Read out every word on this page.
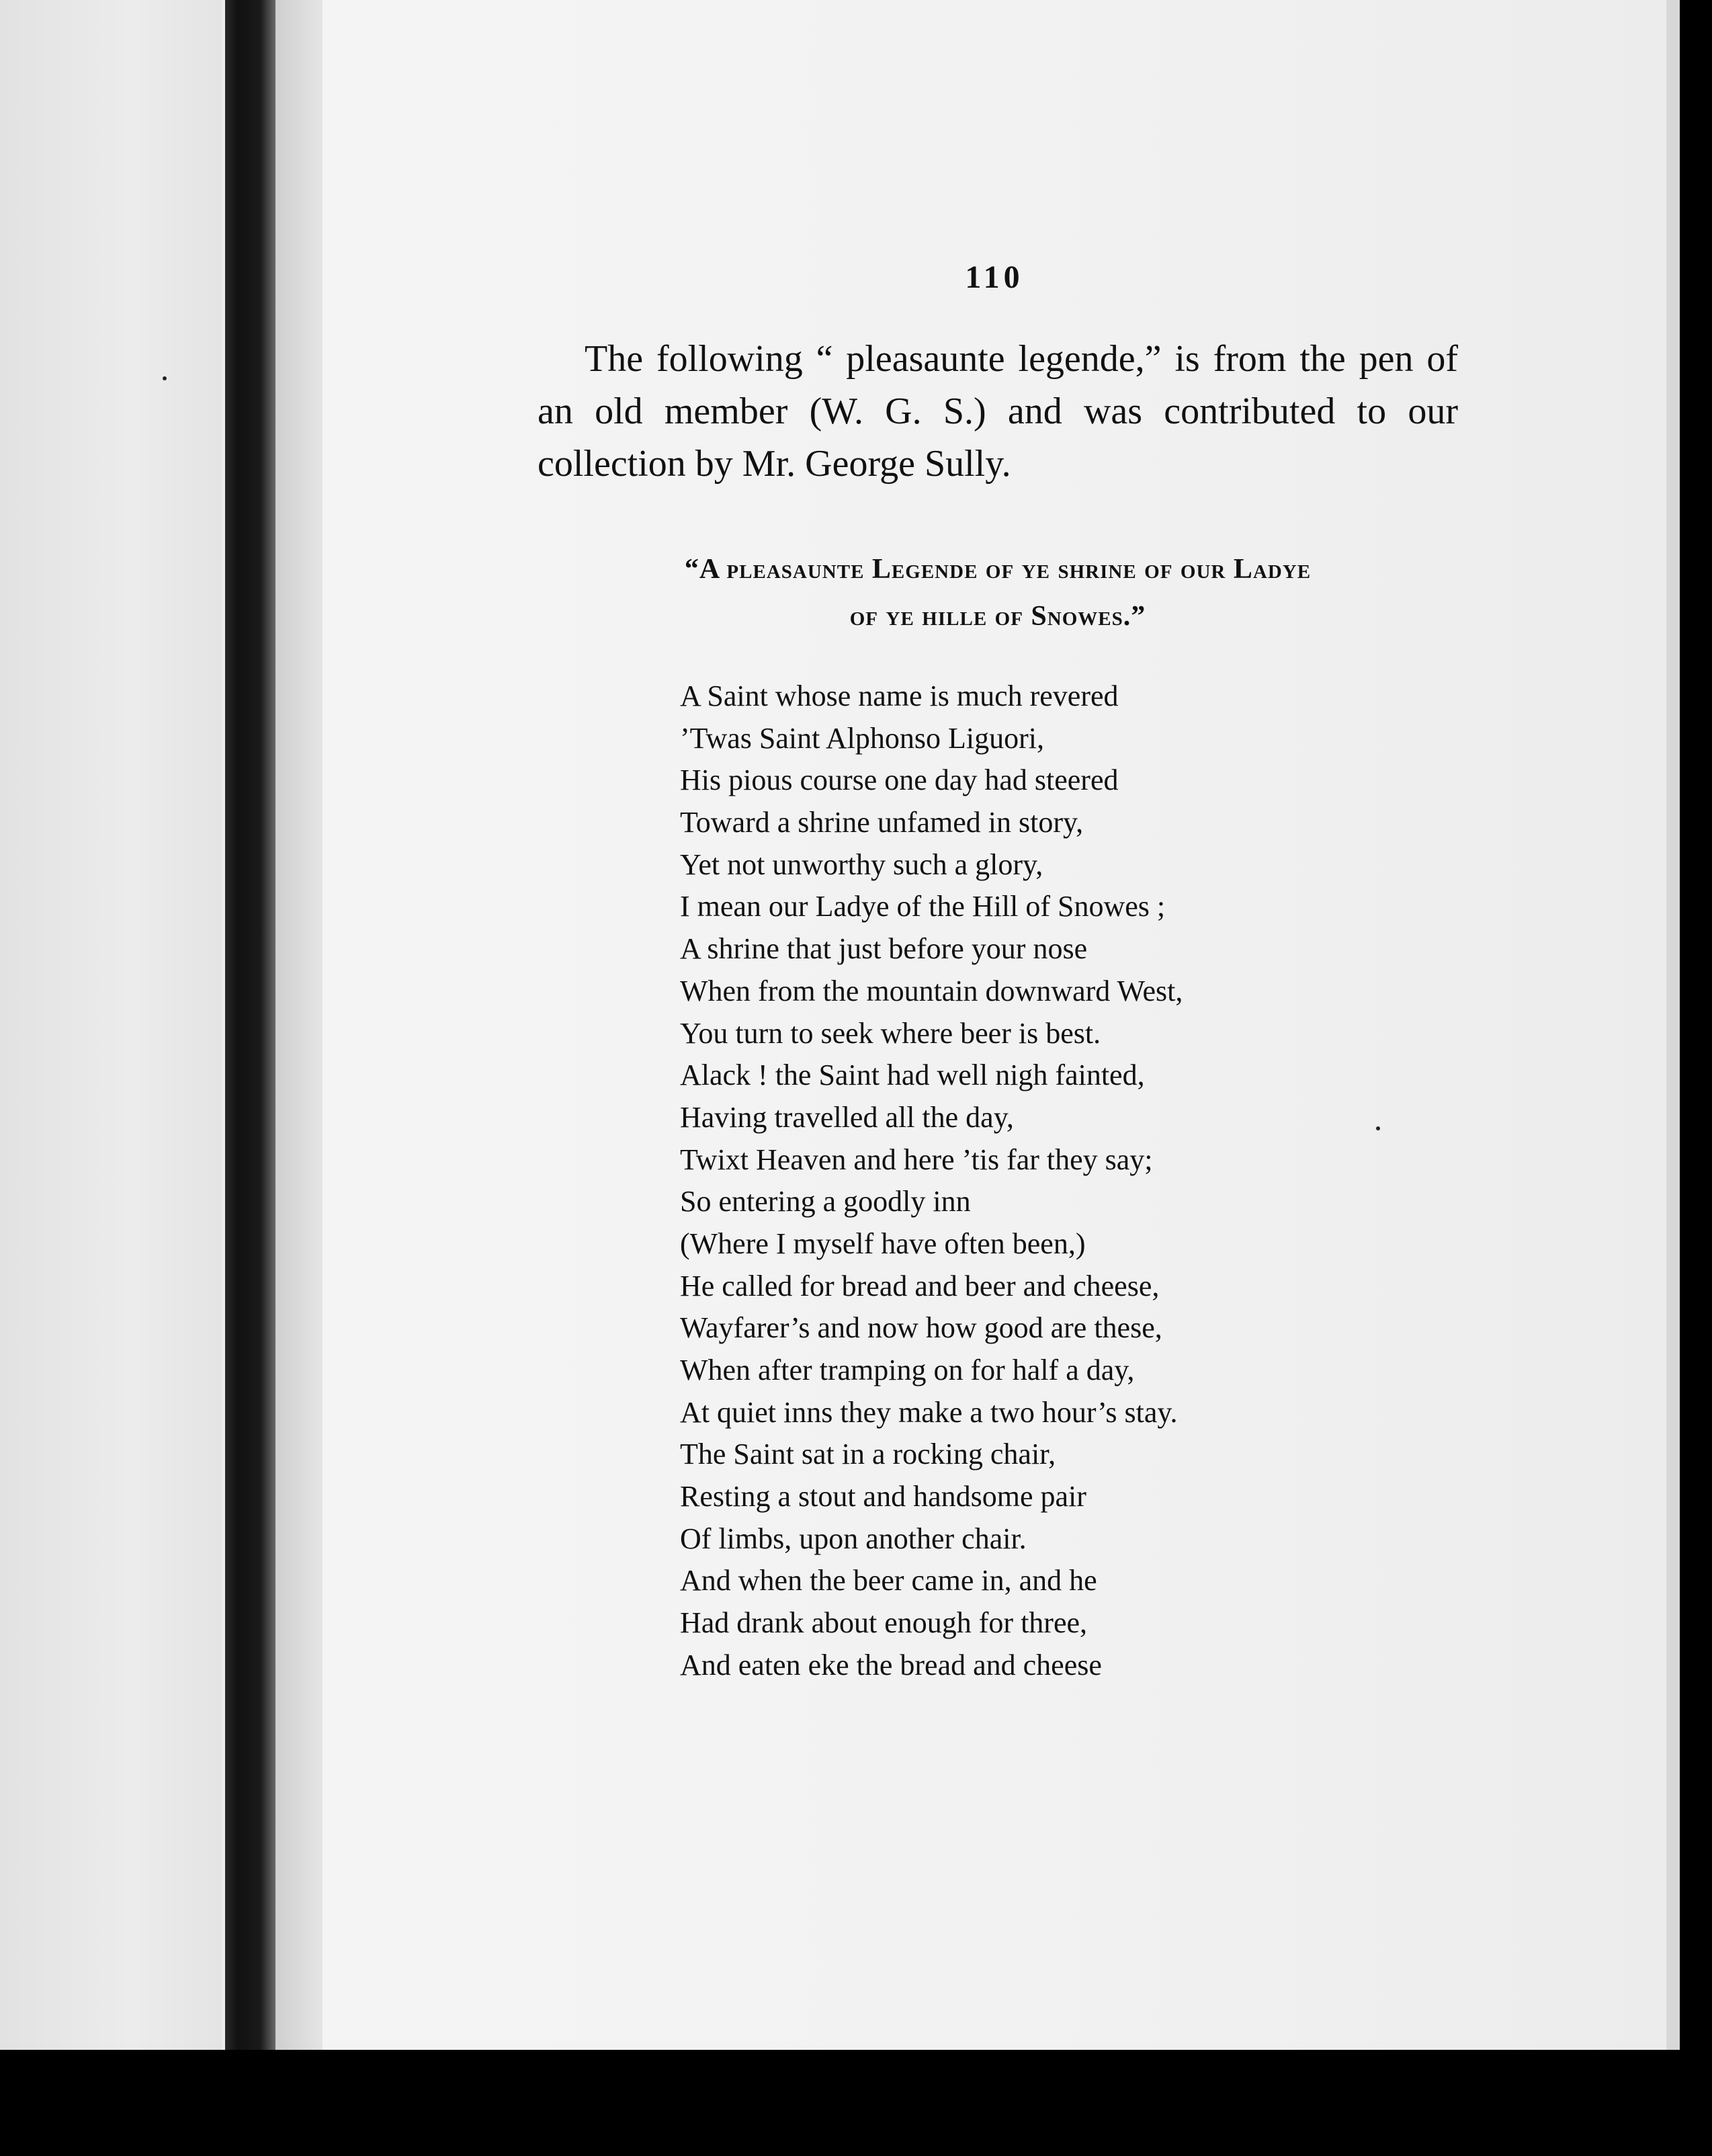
110

The following “ pleasaunte legende,” is from the pen of an old member (W. G. S.) and was contributed to our collection by Mr. George Sully.

“A pleasaunte Legende of ye shrine of our Ladye
of ye hille of Snowes.”
A Saint whose name is much revered
’Twas Saint Alphonso Liguori,
His pious course one day had steered
Toward a shrine unfamed in story,
Yet not unworthy such a glory,
I mean our Ladye of the Hill of Snowes ;
A shrine that just before your nose
When from the mountain downward West,
You turn to seek where beer is best.
Alack ! the Saint had well nigh fainted,
Having travelled all the day,
Twixt Heaven and here ’tis far they say;
So entering a goodly inn
(Where I myself have often been,)
He called for bread and beer and cheese,
Wayfarer’s and now how good are these,
When after tramping on for half a day,
At quiet inns they make a two hour’s stay.
The Saint sat in a rocking chair,
Resting a stout and handsome pair
Of limbs, upon another chair.
And when the beer came in, and he
Had drank about enough for three,
And eaten eke the bread and cheese
